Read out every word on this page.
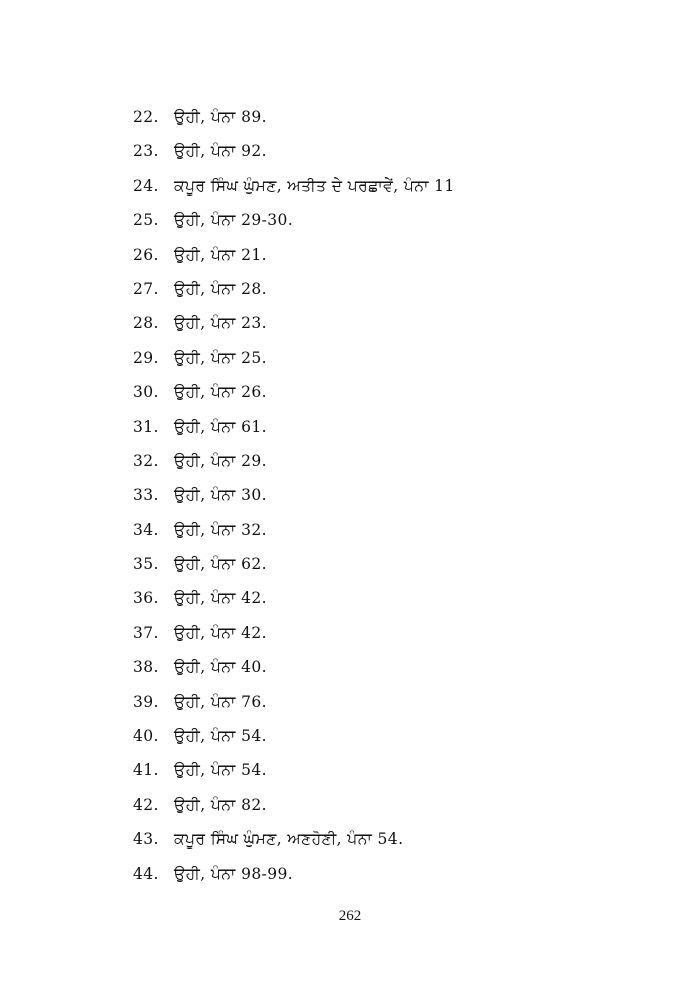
22. ਉਹੀ, ਪੰਨਾ 89.
23. ਉਹੀ, ਪੰਨਾ 92.
24. ਕਪੂਰ ਸਿੰਘ ਘੁੰਮਣ, ਅਤੀਤ ਦੇ ਪਰਛਾਵੇਂ, ਪੰਨਾ 11
25. ਉਹੀ, ਪੰਨਾ 29-30.
26. ਉਹੀ, ਪੰਨਾ 21.
27. ਉਹੀ, ਪੰਨਾ 28.
28. ਉਹੀ, ਪੰਨਾ 23.
29. ਉਹੀ, ਪੰਨਾ 25.
30. ਉਹੀ, ਪੰਨਾ 26.
31. ਉਹੀ, ਪੰਨਾ 61.
32. ਉਹੀ, ਪੰਨਾ 29.
33. ਉਹੀ, ਪੰਨਾ 30.
34. ਉਹੀ, ਪੰਨਾ 32.
35. ਉਹੀ, ਪੰਨਾ 62.
36. ਉਹੀ, ਪੰਨਾ 42.
37. ਉਹੀ, ਪੰਨਾ 42.
38. ਉਹੀ, ਪੰਨਾ 40.
39. ਉਹੀ, ਪੰਨਾ 76.
40. ਉਹੀ, ਪੰਨਾ 54.
41. ਉਹੀ, ਪੰਨਾ 54.
42. ਉਹੀ, ਪੰਨਾ 82.
43. ਕਪੂਰ ਸਿੰਘ ਘੁੰਮਣ, ਅਣਹੋਣੀ, ਪੰਨਾ 54.
44. ਉਹੀ, ਪੰਨਾ 98-99.
262
